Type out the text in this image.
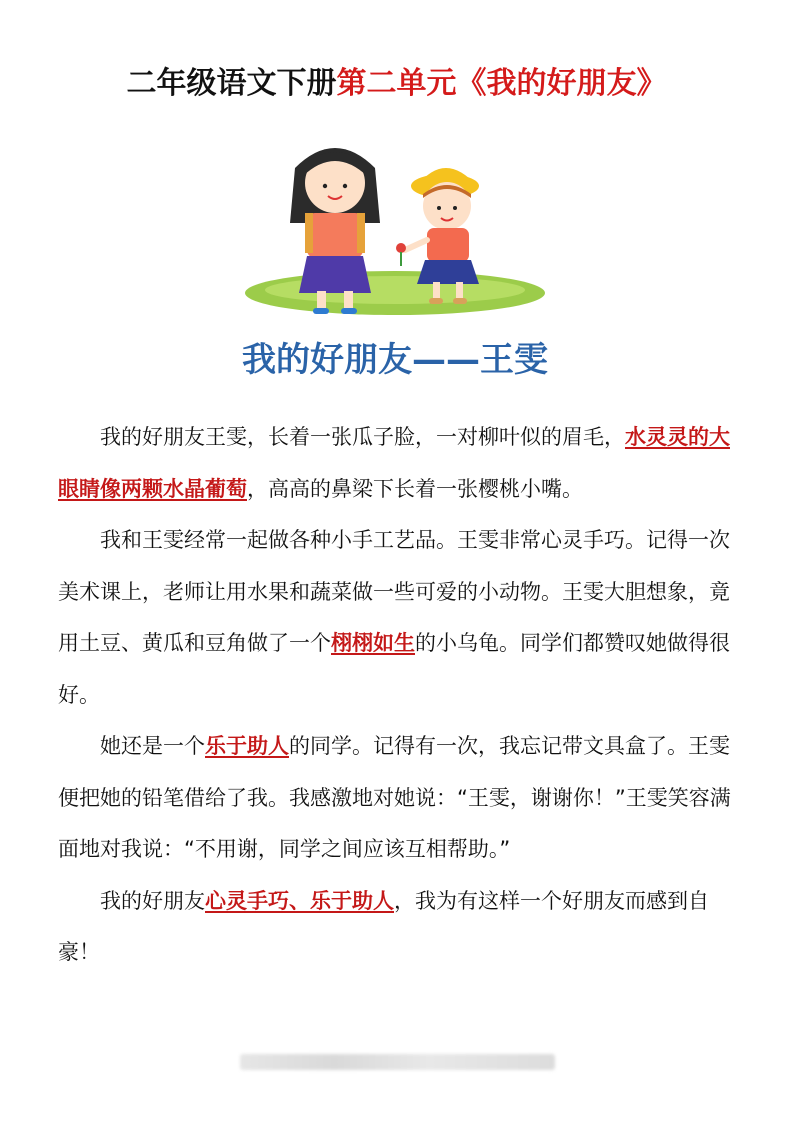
二年级语文下册第二单元《我的好朋友》
我的好朋友——王雯

我的好朋友王雯，长着一张瓜子脸，一对柳叶似的眉毛，水灵灵的大眼睛像两颗水晶葡萄，高高的鼻梁下长着一张樱桃小嘴。

我和王雯经常一起做各种小手工艺品。王雯非常心灵手巧。记得一次美术课上，老师让用水果和蔬菜做一些可爱的小动物。王雯大胆想象，竟用土豆、黄瓜和豆角做了一个栩栩如生的小乌龟。同学们都赞叹她做得很好。

她还是一个乐于助人的同学。记得有一次，我忘记带文具盒了。王雯便把她的铅笔借给了我。我感激地对她说：“王雯，谢谢你！”王雯笑容满面地对我说：“不用谢，同学之间应该互相帮助。”

我的好朋友心灵手巧、乐于助人，我为有这样一个好朋友而感到自豪！
